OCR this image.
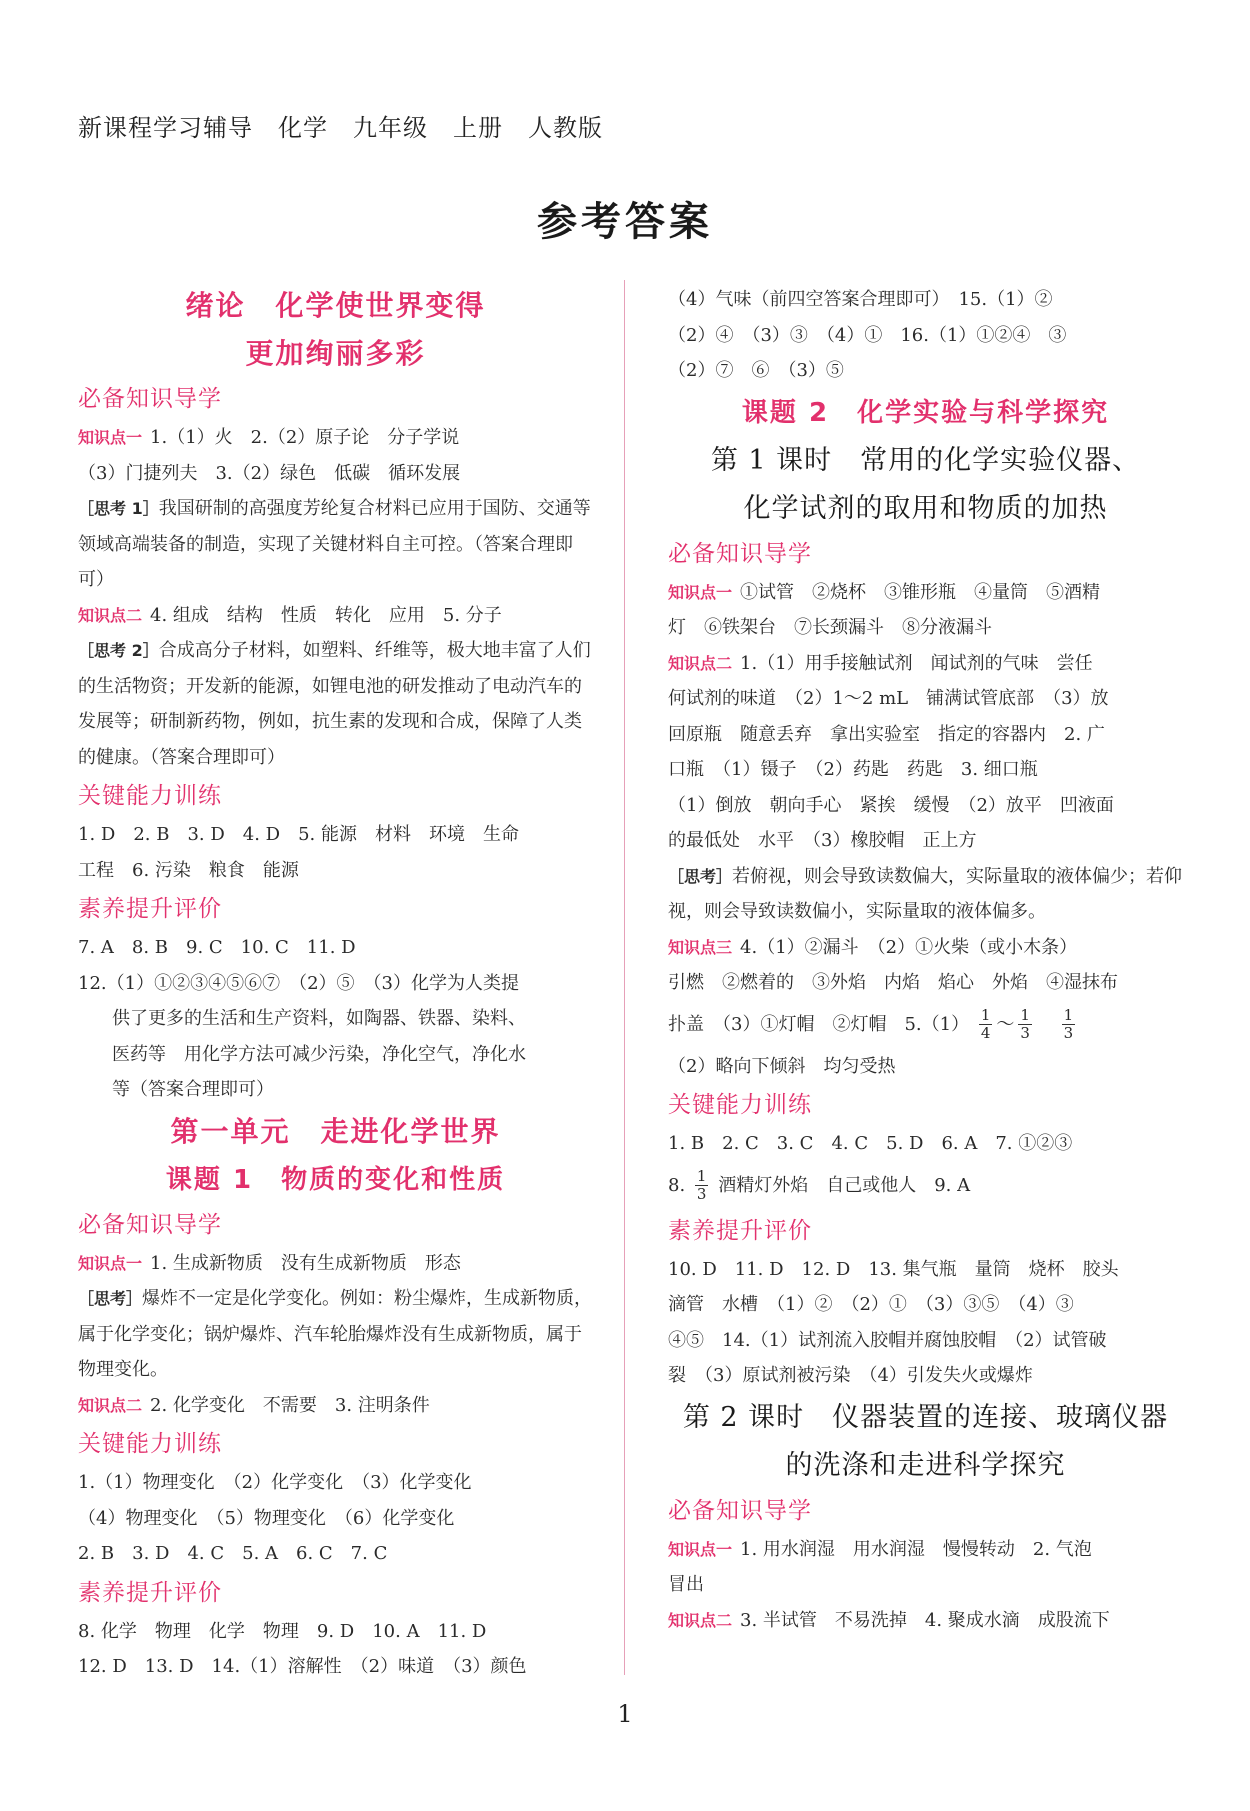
新课程学习辅导　化学　九年级　上册　人教版
参考答案
绪论　化学使世界变得
更加绚丽多彩
必备知识导学
知识点一 1.（1）火　2.（2）原子论　分子学说
（3）门捷列夫　3.（2）绿色　低碳　循环发展
［思考 1］我国研制的高强度芳纶复合材料已应用于国防、交通等领域高端装备的制造，实现了关键材料自主可控。（答案合理即可）
知识点二 4. 组成　结构　性质　转化　应用　5. 分子
［思考 2］合成高分子材料，如塑料、纤维等，极大地丰富了人们的生活物资；开发新的能源，如锂电池的研发推动了电动汽车的发展等；研制新药物，例如，抗生素的发现和合成，保障了人类的健康。（答案合理即可）
关键能力训练
1. D　2. B　3. D　4. D　5. 能源　材料　环境　生命
工程　6. 污染　粮食　能源
素养提升评价
7. A　8. B　9. C　10. C　11. D
12.（1）①②③④⑤⑥⑦　（2）⑤　（3）化学为人类提
供了更多的生活和生产资料，如陶器、铁器、染料、
医药等　用化学方法可减少污染，净化空气，净化水
等（答案合理即可）
第一单元　走进化学世界
课题 1　物质的变化和性质
必备知识导学
知识点一 1. 生成新物质　没有生成新物质　形态
［思考］爆炸不一定是化学变化。例如：粉尘爆炸，生成新物质，属于化学变化；锅炉爆炸、汽车轮胎爆炸没有生成新物质，属于物理变化。
知识点二 2. 化学变化　不需要　3. 注明条件
关键能力训练
1.（1）物理变化　（2）化学变化　（3）化学变化
（4）物理变化　（5）物理变化　（6）化学变化
2. B　3. D　4. C　5. A　6. C　7. C
素养提升评价
8. 化学　物理　化学　物理　9. D　10. A　11. D
12. D　13. D　14.（1）溶解性　（2）味道　（3）颜色
（4）气味（前四空答案合理即可）　15.（1）②
（2）④　（3）③　（4）①　16.（1）①②④　③
（2）⑦　⑥　（3）⑤
课题 2　化学实验与科学探究
第 1 课时　常用的化学实验仪器、
化学试剂的取用和物质的加热
必备知识导学
知识点一 ①试管　②烧杯　③锥形瓶　④量筒　⑤酒精
灯　⑥铁架台　⑦长颈漏斗　⑧分液漏斗
知识点二 1.（1）用手接触试剂　闻试剂的气味　尝任
何试剂的味道　（2）1～2 mL　铺满试管底部　（3）放
回原瓶　随意丢弃　拿出实验室　指定的容器内　2. 广
口瓶　（1）镊子　（2）药匙　药匙　3. 细口瓶
（1）倒放　朝向手心　紧挨　缓慢　（2）放平　凹液面
的最低处　水平　（3）橡胶帽　正上方
［思考］若俯视，则会导致读数偏大，实际量取的液体偏少；若仰视，则会导致读数偏小，实际量取的液体偏多。
知识点三 4.（1）②漏斗　（2）①火柴（或小木条）
引燃　②燃着的　③外焰　内焰　焰心　外焰　④湿抹布
扑盖　（3）①灯帽　②灯帽　$5.(1) \frac{1}{4}$ ～ $\frac{1}{3}$
$\frac{1}{3}$
（2）略向下倾斜　均匀受热
关键能力训练
1. B　2. C　3. C　4. C　5. D　6. A　7. ①②③
8. $\frac{1}{3}$ 酒精灯外焰　自己或他人　9. A
素养提升评价
10. D　11. D　12. D　13. 集气瓶　量筒　烧杯　胶头
滴管　水槽　（1）②　（2）①　（3）③⑤　（4）③
④⑤　14.（1）试剂流入胶帽并腐蚀胶帽　（2）试管破
裂　（3）原试剂被污染　（4）引发失火或爆炸
第 2 课时　仪器装置的连接、玻璃仪器
的洗涤和走进科学探究
必备知识导学
知识点一 1. 用水润湿　用水润湿　慢慢转动　2. 气泡
冒出
知识点二 3. 半试管　不易洗掉　4. 聚成水滴　成股流下
1
